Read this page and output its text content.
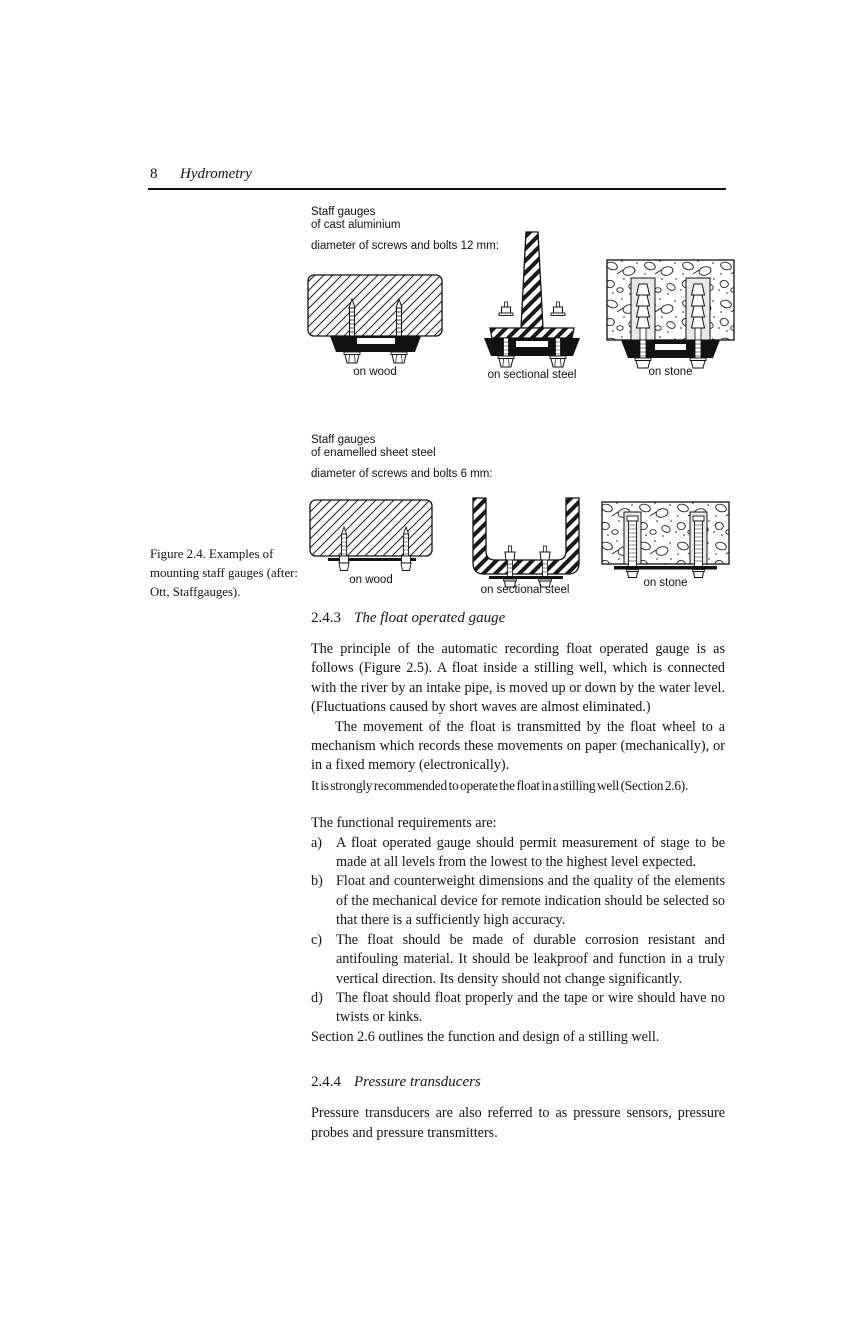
8 Hydrometry
Staff gauges
of cast aluminium
diameter of screws and bolts 12 mm:
on wood	on sectional steel	on stone
Staff gauges
of enamelled sheet steel
diameter of screws and bolts 6 mm:
on wood
on sectional steel
on stone
Figure 2.4. Examples of mounting staff gauges (after: Ott, Staffgauges).
2.4.3 The float operated gauge

The principle of the automatic recording float operated gauge is as follows (Figure 2.5). A float inside a stilling well, which is connected with the river by an intake pipe, is moved up or down by the water level. (Fluctuations caused by short waves are almost eliminated.)

The movement of the float is transmitted by the float wheel to a mechanism which records these movements on paper (mechanically), or in a fixed memory (electronically).

It is strongly recommended to operate the float in a stilling well (Section 2.6).

The functional requirements are:

a) A float operated gauge should permit measurement of stage to be made at all levels from the lowest to the highest level expected.
b) Float and counterweight dimensions and the quality of the elements of the mechanical device for remote indication should be selected so that there is a sufficiently high accuracy.
c) The float should be made of durable corrosion resistant and antifouling material. It should be leakproof and function in a truly vertical direction. Its density should not change significantly.
d) The float should float properly and the tape or wire should have no twists or kinks.

Section 2.6 outlines the function and design of a stilling well.

2.4.4 Pressure transducers

Pressure transducers are also referred to as pressure sensors, pressure probes and pressure transmitters.
